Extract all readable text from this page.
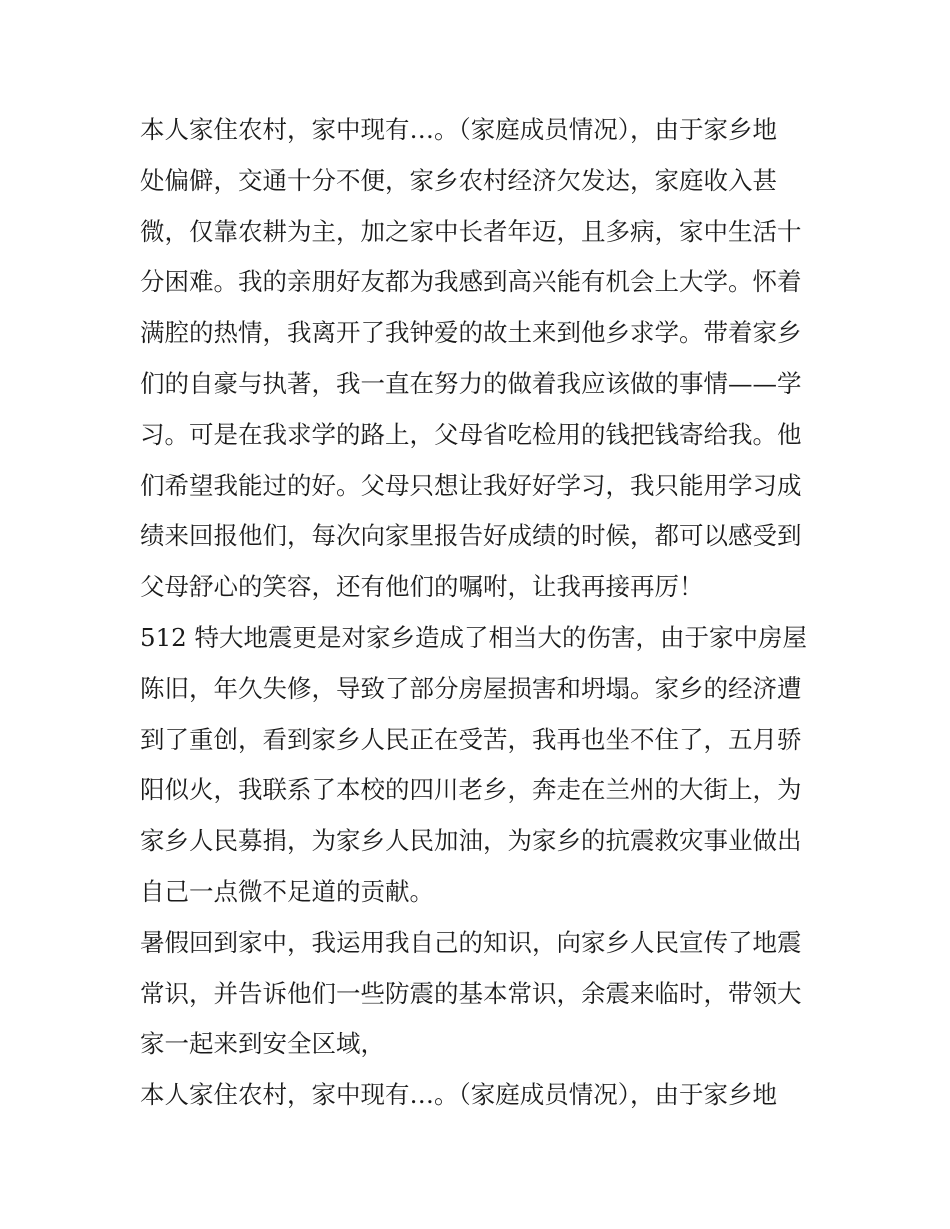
本人家住农村，家中现有…。（家庭成员情况），由于家乡地
处偏僻，交通十分不便，家乡农村经济欠发达，家庭收入甚
微，仅靠农耕为主，加之家中长者年迈，且多病，家中生活十
分困难。我的亲朋好友都为我感到高兴能有机会上大学。怀着
满腔的热情，我离开了我钟爱的故土来到他乡求学。带着家乡
们的自豪与执著，我一直在努力的做着我应该做的事情——学
习。可是在我求学的路上，父母省吃检用的钱把钱寄给我。他
们希望我能过的好。父母只想让我好好学习，我只能用学习成
绩来回报他们，每次向家里报告好成绩的时候，都可以感受到
父母舒心的笑容，还有他们的嘱咐，让我再接再厉！
512 特大地震更是对家乡造成了相当大的伤害，由于家中房屋
陈旧，年久失修，导致了部分房屋损害和坍塌。家乡的经济遭
到了重创，看到家乡人民正在受苦，我再也坐不住了，五月骄
阳似火，我联系了本校的四川老乡，奔走在兰州的大街上，为
家乡人民募捐，为家乡人民加油，为家乡的抗震救灾事业做出
自己一点微不足道的贡献。
暑假回到家中，我运用我自己的知识，向家乡人民宣传了地震
常识，并告诉他们一些防震的基本常识，余震来临时，带领大
家一起来到安全区域，
本人家住农村，家中现有…。（家庭成员情况），由于家乡地
